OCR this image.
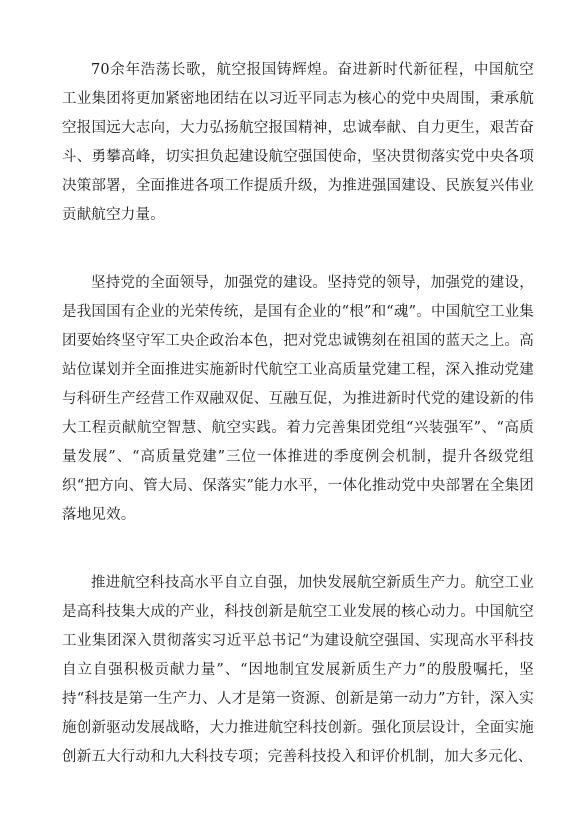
70余年浩荡长歌，航空报国铸辉煌。奋进新时代新征程，中国航空工业集团将更加紧密地团结在以习近平同志为核心的党中央周围，秉承航空报国远大志向，大力弘扬航空报国精神，忠诚奉献、自力更生，艰苦奋斗、勇攀高峰，切实担负起建设航空强国使命，坚决贯彻落实党中央各项决策部署，全面推进各项工作提质升级，为推进强国建设、民族复兴伟业贡献航空力量。

坚持党的全面领导，加强党的建设。坚持党的领导，加强党的建设，是我国国有企业的光荣传统，是国有企业的“根”和“魂”。中国航空工业集团要始终坚守军工央企政治本色，把对党忠诚镌刻在祖国的蓝天之上。高站位谋划并全面推进实施新时代航空工业高质量党建工程，深入推动党建与科研生产经营工作双融双促、互融互促，为推进新时代党的建设新的伟大工程贡献航空智慧、航空实践。着力完善集团党组“兴装强军”、“高质量发展”、“高质量党建”三位一体推进的季度例会机制，提升各级党组织“把方向、管大局、保落实”能力水平，一体化推动党中央部署在全集团落地见效。

推进航空科技高水平自立自强，加快发展航空新质生产力。航空工业是高科技集大成的产业，科技创新是航空工业发展的核心动力。中国航空工业集团深入贯彻落实习近平总书记“为建设航空强国、实现高水平科技自立自强积极贡献力量”、“因地制宜发展新质生产力”的殷殷嘱托，坚持“科技是第一生产力、人才是第一资源、创新是第一动力”方针，深入实施创新驱动发展战略，大力推进航空科技创新。强化顶层设计，全面实施创新五大行动和九大科技专项；完善科技投入和评价机制，加大多元化、
